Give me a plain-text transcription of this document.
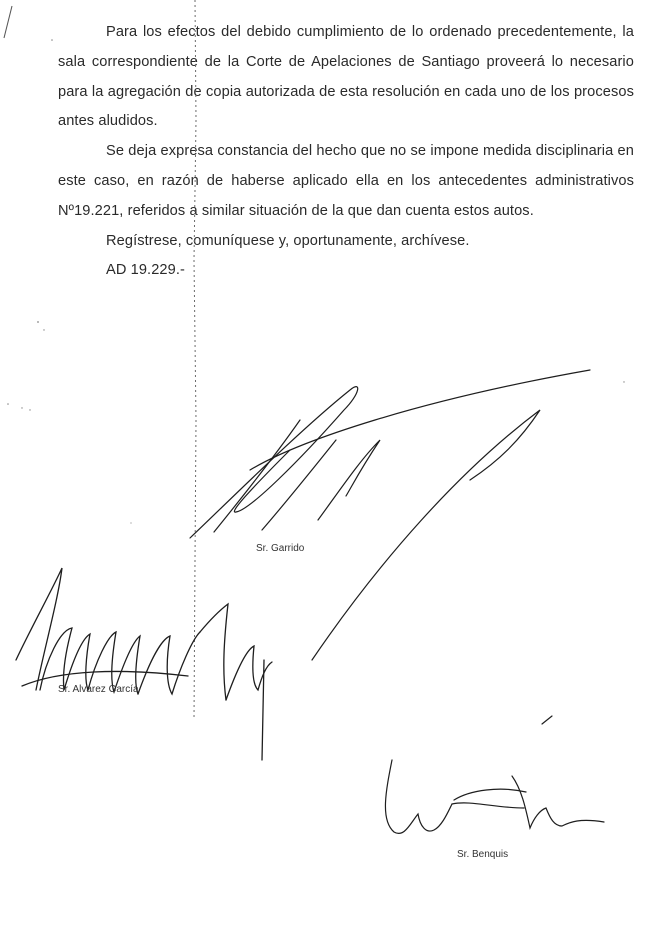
Para los efectos del debido cumplimiento de lo ordenado precedentemente, la sala correspondiente de la Corte de Apelaciones de Santiago proveerá lo necesario para la agregación de copia autorizada de esta resolución en cada uno de los procesos antes aludidos.

Se deja expresa constancia del hecho que no se impone medida disciplinaria en este caso, en razón de haberse aplicado ella en los antecedentes administrativos Nº19.221, referidos a similar situación de la que dan cuenta estos autos.

Regístrese, comuníquese y, oportunamente, archívese.

AD 19.229.-

Sr. Garrido
Sr. Alvarez García
Sr. Benquis
